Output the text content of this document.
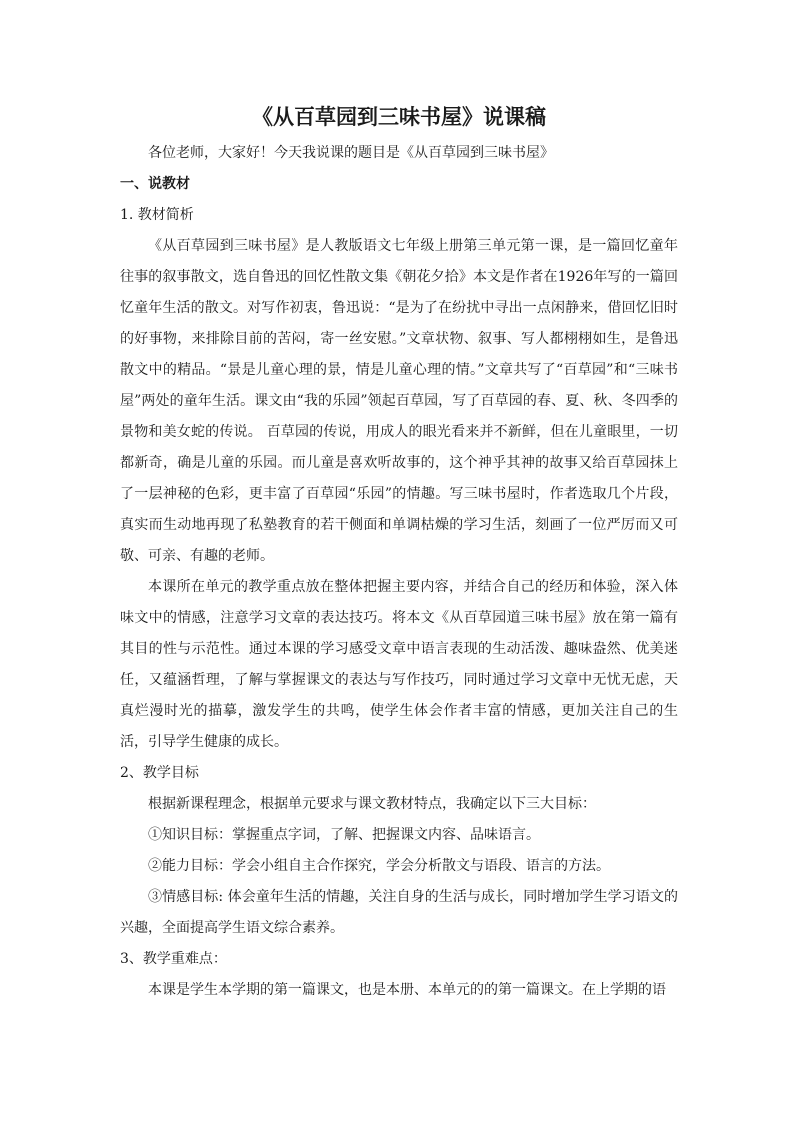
《从百草园到三味书屋》说课稿

各位老师，大家好！今天我说课的题目是《从百草园到三味书屋》

一、说教材

1. 教材简析

《从百草园到三味书屋》是人教版语文七年级上册第三单元第一课，是一篇回忆童年往事的叙事散文，选自鲁迅的回忆性散文集《朝花夕拾》本文是作者在1926年写的一篇回忆童年生活的散文。对写作初衷，鲁迅说：“是为了在纷扰中寻出一点闲静来，借回忆旧时的好事物，来排除目前的苦闷，寄一丝安慰。”文章状物、叙事、写人都栩栩如生，是鲁迅散文中的精品。“景是儿童心理的景，情是儿童心理的情。”文章共写了“百草园”和“三味书屋”两处的童年生活。课文由“我的乐园”领起百草园，写了百草园的春、夏、秋、冬四季的景物和美女蛇的传说。 百草园的传说，用成人的眼光看来并不新鲜，但在儿童眼里，一切都新奇，确是儿童的乐园。而儿童是喜欢听故事的，这个神乎其神的故事又给百草园抹上了一层神秘的色彩，更丰富了百草园“乐园”的情趣。写三味书屋时，作者选取几个片段，真实而生动地再现了私塾教育的若干侧面和单调枯燥的学习生活，刻画了一位严厉而又可敬、可亲、有趣的老师。

本课所在单元的教学重点放在整体把握主要内容，并结合自己的经历和体验，深入体味文中的情感，注意学习文章的表达技巧。将本文《从百草园道三味书屋》放在第一篇有其目的性与示范性。通过本课的学习感受文章中语言表现的生动活泼、趣味盎然、优美迷任，又蕴涵哲理，了解与掌握课文的表达与写作技巧，同时通过学习文章中无忧无虑，天真烂漫时光的描摹，激发学生的共鸣，使学生体会作者丰富的情感，更加关注自己的生活，引导学生健康的成长。

2、教学目标

根据新课程理念，根据单元要求与课文教材特点，我确定以下三大目标：

①知识目标：掌握重点字词，了解、把握课文内容、品味语言。

②能力目标：学会小组自主合作探究，学会分析散文与语段、语言的方法。

③情感目标: 体会童年生活的情趣，关注自身的生活与成长，同时增加学生学习语文的兴趣，全面提高学生语文综合素养。

3、教学重难点：

本课是学生本学期的第一篇课文，也是本册、本单元的的第一篇课文。在上学期的语
